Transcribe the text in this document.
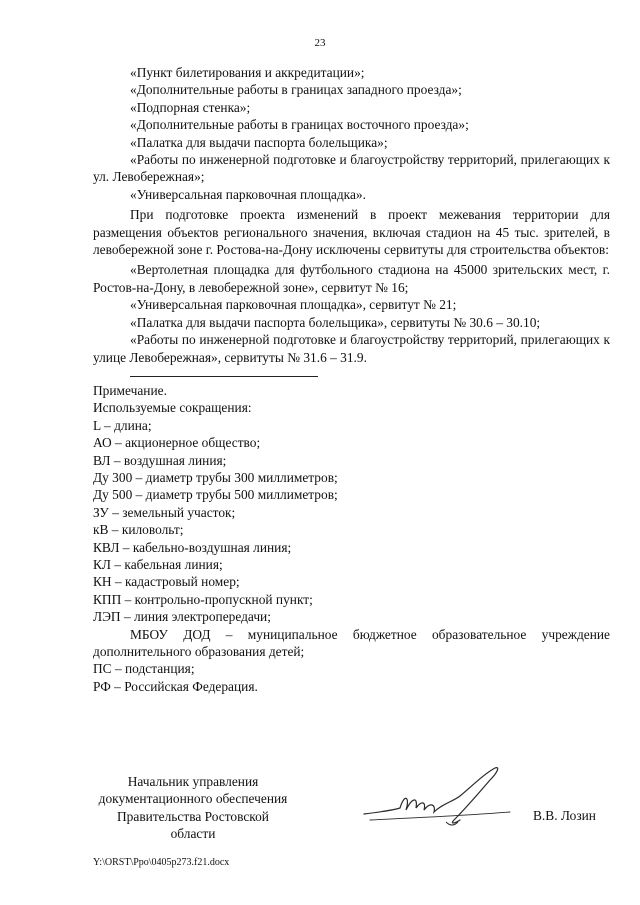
23

«Пункт билетирования и аккредитации»;

«Дополнительные работы в границах западного проезда»;

«Подпорная стенка»;

«Дополнительные работы в границах восточного проезда»;

«Палатка для выдачи паспорта болельщика»;

«Работы по инженерной подготовке и благоустройству территорий, прилегающих к ул. Левобережная»;

«Универсальная парковочная площадка».

При подготовке проекта изменений в проект межевания территории для размещения объектов регионального значения, включая стадион на 45 тыс. зрителей, в левобережной зоне г. Ростова-на-Дону исключены сервитуты для строительства объектов:

«Вертолетная площадка для футбольного стадиона на 45000 зрительских мест, г. Ростов-на-Дону, в левобережной зоне», сервитут № 16;

«Универсальная парковочная площадка», сервитут № 21;

«Палатка для выдачи паспорта болельщика», сервитуты № 30.6 – 30.10;

«Работы по инженерной подготовке и благоустройству территорий, прилегающих к улице Левобережная», сервитуты № 31.6 – 31.9.

Примечание.

Используемые сокращения:

L – длина;

АО – акционерное общество;

ВЛ – воздушная линия;

Ду 300 – диаметр трубы 300 миллиметров;

Ду 500 – диаметр трубы 500 миллиметров;

ЗУ – земельный участок;

кВ – киловольт;

КВЛ – кабельно-воздушная линия;

КЛ – кабельная линия;

КН – кадастровый номер;

КПП – контрольно-пропускной пункт;

ЛЭП – линия электропередачи;

МБОУ ДОД – муниципальное бюджетное образовательное учреждение дополнительного образования детей;

ПС – подстанция;

РФ – Российская Федерация.

Начальник управления
документационного обеспечения
Правительства Ростовской области
В.В. Лозин
Y:\ORST\Ppo\0405p273.f21.docx
